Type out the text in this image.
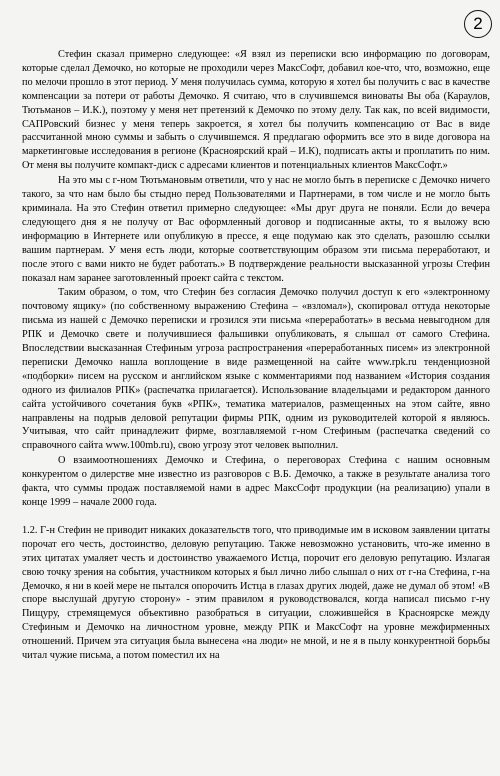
2

Стефин сказал примерно следующее: «Я взял из переписки всю информацию по договорам, которые сделал Демочко, но которые не проходили через МаксСофт, добавил кое-что, что, возможно, еще по мелочи прошло в этот период. У меня получилась сумма, которую я хотел бы получить с вас в качестве компенсации за потери от работы Демочко. Я считаю, что в случившемся виноваты Вы оба (Караулов, Тютьманов – И.К.), поэтому у меня нет претензий к Демочко по этому делу. Так как, по всей видимости, САПРовский бизнес у меня теперь закроется, я хотел бы получить компенсацию от Вас в виде рассчитанной мною суммы и забыть о случившемся. Я предлагаю оформить все это в виде договора на маркетинговые исследования в регионе (Красноярский край – И.К), подписать акты и проплатить по ним. От меня вы получите компакт-диск с адресами клиентов и потенциальных клиентов МаксСофт.»

На это мы с г-ном Тютьмановым ответили, что у нас не могло быть в переписке с Демочко ничего такого, за что нам было бы стыдно перед Пользователями и Партнерами, в том числе и не могло быть криминала. На это Стефин ответил примерно следующее: «Мы друг друга не поняли. Если до вечера следующего дня я не получу от Вас оформленный договор и подписанные акты, то я выложу всю информацию в Интернете или опубликую в прессе, я еще подумаю как это сделать, разошлю ссылки вашим партнерам. У меня есть люди, которые соответствующим образом эти письма переработают, и после этого с вами никто не будет работать.» В подтверждение реальности высказанной угрозы Стефин показал нам заранее заготовленный проект сайта с текстом.

Таким образом, о том, что Стефин без согласия Демочко получил доступ к его «электронному почтовому ящику» (по собственному выражению Стефина – «взломал»), скопировал оттуда некоторые письма из нашей с Демочко переписки и грозился эти письма «переработать» в весьма невыгодном для РПК и Демочко свете и получившиеся фальшивки опубликовать, я слышал от самого Стефина. Впоследствии высказанная Стефиным угроза распространения «переработанных писем» из электронной переписки Демочко нашла воплощение в виде размещенной на сайте www.rpk.ru тенденциозной «подборки» писем на русском и английском языке с комментариями под названием «История создания одного из филиалов РПК» (распечатка прилагается). Использование владельцами и редактором данного сайта устойчивого сочетания букв «РПК», тематика материалов, размещенных на этом сайте, явно направлены на подрыв деловой репутации фирмы РПК, одним из руководителей которой я являюсь. Учитывая, что сайт принадлежит фирме, возглавляемой г-ном Стефиным (распечатка сведений со справочного сайта www.100mb.ru), свою угрозу этот человек выполнил.

О взаимоотношениях Демочко и Стефина, о переговорах Стефина с нашим основным конкурентом о дилерстве мне известно из разговоров с В.Б. Демочко, а также в результате анализа того факта, что суммы продаж поставляемой нами в адрес МаксСофт продукции (на реализацию) упали в конце 1999 – начале 2000 года.

1.2. Г-н Стефин не приводит никаких доказательств того, что приводимые им в исковом заявлении цитаты порочат его честь, достоинство, деловую репутацию. Также невозможно установить, что-же именно в этих цитатах умаляет честь и достоинство уважаемого Истца, порочит его деловую репутацию. Излагая свою точку зрения на события, участником которых я был лично либо слышал о них от г-на Стефина, г-на Демочко, я ни в коей мере не пытался опорочить Истца в глазах других людей, даже не думал об этом! «В споре выслушай другую сторону» - этим правилом я руководствовался, когда написал письмо г-ну Пищуру, стремящемуся объективно разобраться в ситуации, сложившейся в Красноярске между Стефиным и Демочко на личностном уровне, между РПК и МаксСофт на уровне межфирменных отношений. Причем эта ситуация была вынесена «на люди» не мной, и не я в пылу конкурентной борьбы читал чужие письма, а потом поместил их на
